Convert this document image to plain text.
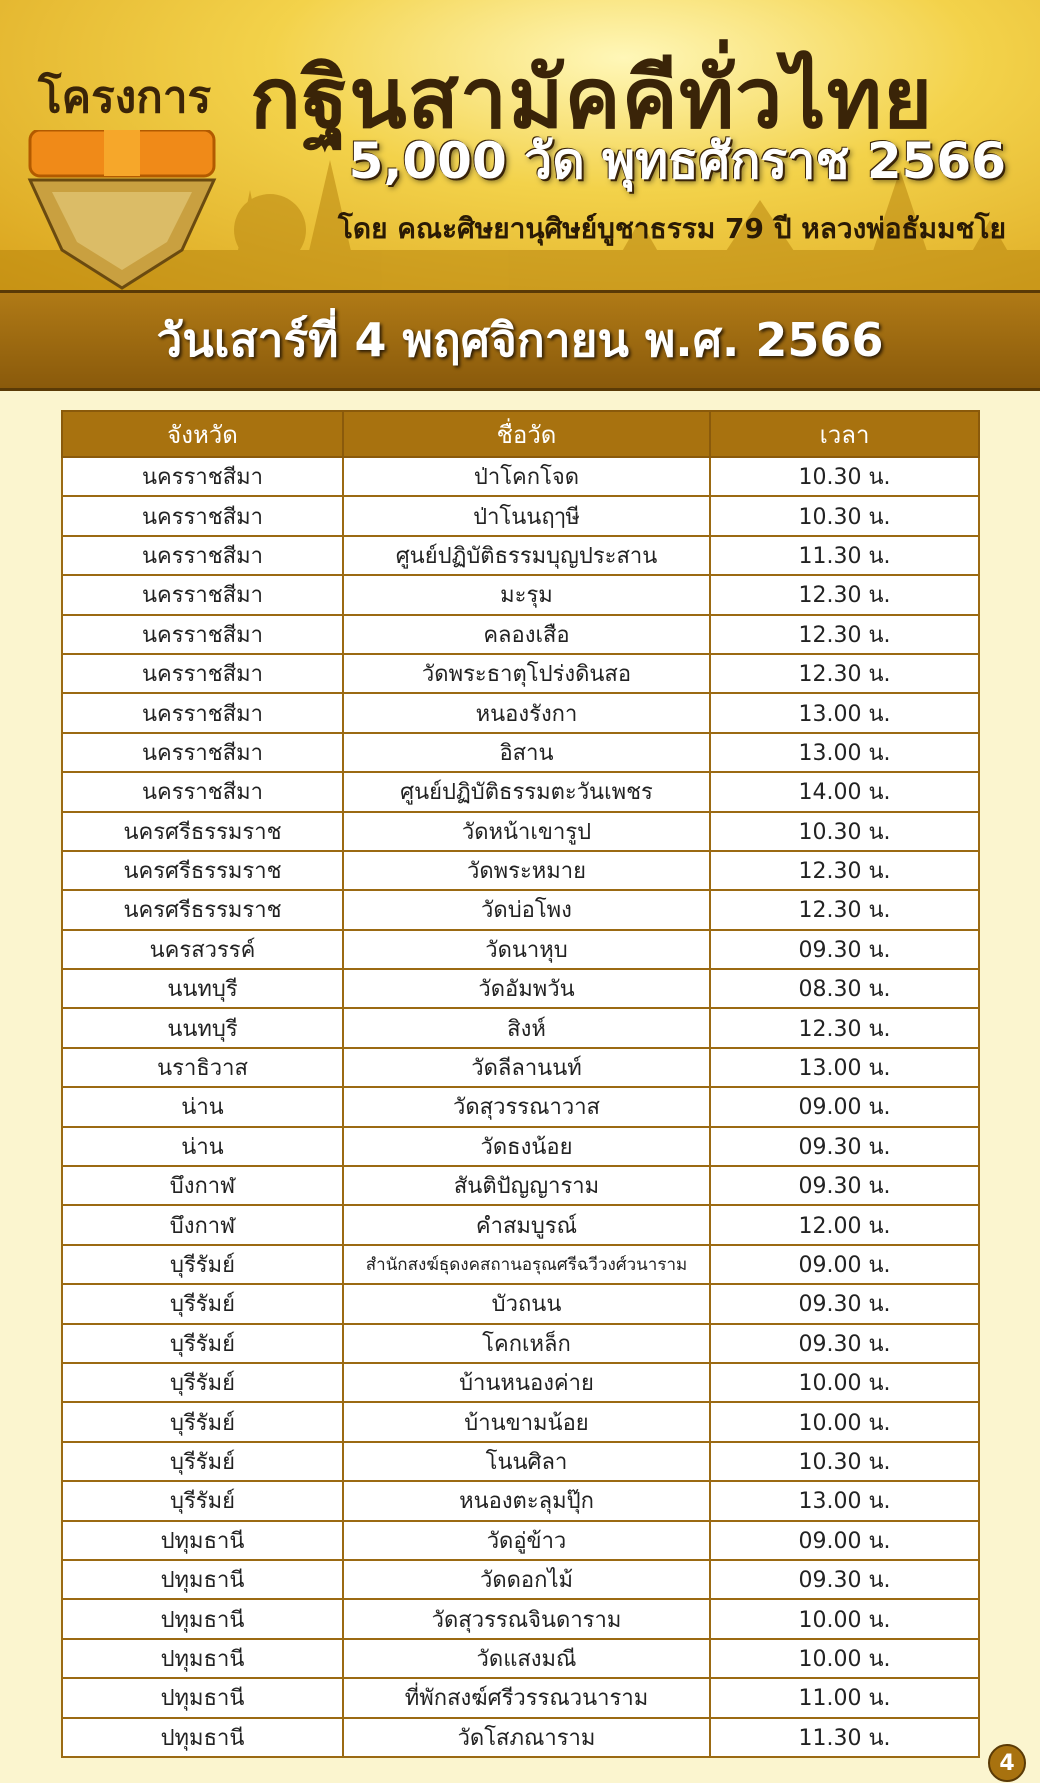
โครงการ กฐินสามัคคีทั่วไทย
5,000 วัด พุทธศักราช 2566
โดย คณะศิษยานุศิษย์บูชาธรรม 79 ปี หลวงพ่อธัมมชโย
วันเสาร์ที่ 4 พฤศจิกายน พ.ศ. 2566
จังหวัด	ชื่อวัด	เวลา
นครราชสีมา	ป่าโคกโจด	10.30 น.
นครราชสีมา	ป่าโนนฤๅษี	10.30 น.
นครราชสีมา	ศูนย์ปฏิบัติธรรมบุญประสาน	11.30 น.
นครราชสีมา	มะรุม	12.30 น.
นครราชสีมา	คลองเสือ	12.30 น.
นครราชสีมา	วัดพระธาตุโปร่งดินสอ	12.30 น.
นครราชสีมา	หนองรังกา	13.00 น.
นครราชสีมา	อิสาน	13.00 น.
นครราชสีมา	ศูนย์ปฏิบัติธรรมตะวันเพชร	14.00 น.
นครศรีธรรมราช	วัดหน้าเขารูป	10.30 น.
นครศรีธรรมราช	วัดพระหมาย	12.30 น.
นครศรีธรรมราช	วัดบ่อโพง	12.30 น.
นครสวรรค์	วัดนาหุบ	09.30 น.
นนทบุรี	วัดอัมพวัน	08.30 น.
นนทบุรี	สิงห์	12.30 น.
นราธิวาส	วัดลีลานนท์	13.00 น.
น่าน	วัดสุวรรณาวาส	09.00 น.
น่าน	วัดธงน้อย	09.30 น.
บึงกาฬ	สันติปัญญาราม	09.30 น.
บึงกาฬ	คำสมบูรณ์	12.00 น.
บุรีรัมย์	สำนักสงฆ์ธุดงคสถานอรุณศรีฉวีวงศ์วนาราม	09.00 น.
บุรีรัมย์	บัวถนน	09.30 น.
บุรีรัมย์	โคกเหล็ก	09.30 น.
บุรีรัมย์	บ้านหนองค่าย	10.00 น.
บุรีรัมย์	บ้านขามน้อย	10.00 น.
บุรีรัมย์	โนนศิลา	10.30 น.
บุรีรัมย์	หนองตะลุมปุ๊ก	13.00 น.
ปทุมธานี	วัดอู่ข้าว	09.00 น.
ปทุมธานี	วัดดอกไม้	09.30 น.
ปทุมธานี	วัดสุวรรณจินดาราม	10.00 น.
ปทุมธานี	วัดแสงมณี	10.00 น.
ปทุมธานี	ที่พักสงฆ์ศรีวรรณวนาราม	11.00 น.
ปทุมธานี	วัดโสภณาราม	11.30 น.
4
